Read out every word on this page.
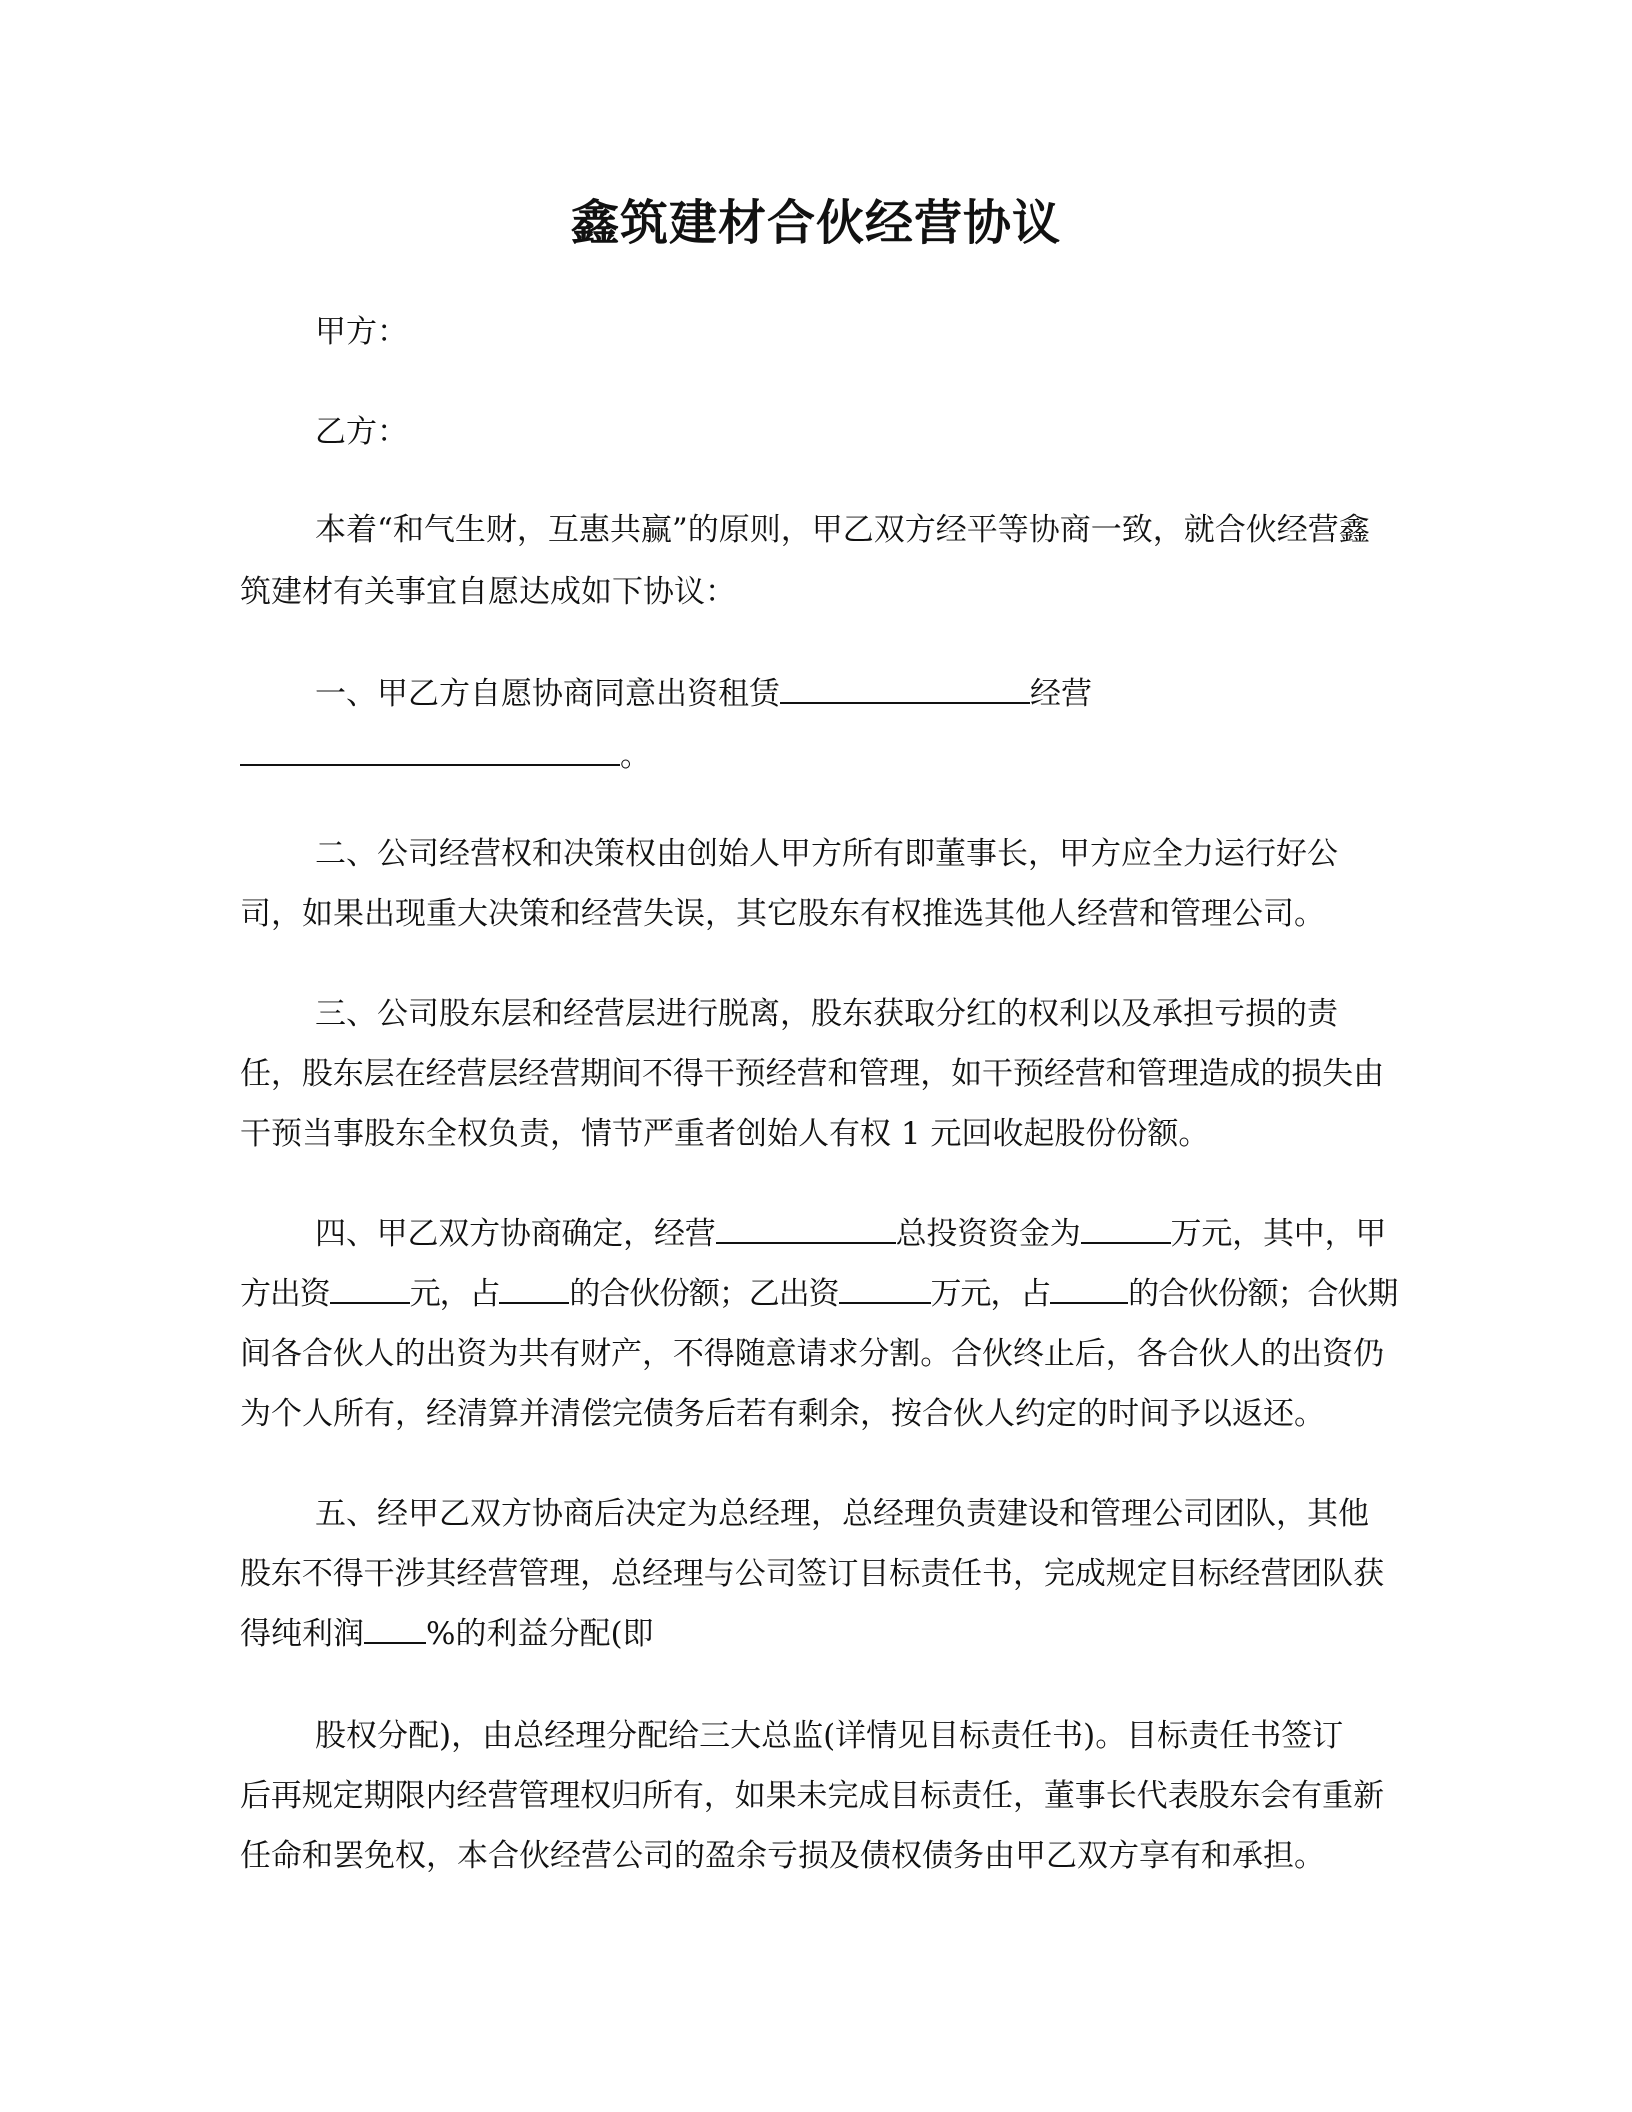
鑫筑建材合伙经营协议
甲方：
乙方：
本着“和气生财，互惠共赢”的原则，甲乙双方经平等协商一致，就合伙经营鑫
筑建材有关事宜自愿达成如下协议：
一、甲乙方自愿协商同意出资租赁	经营
。
二、公司经营权和决策权由创始人甲方所有即董事长，甲方应全力运行好公
司，如果出现重大决策和经营失误，其它股东有权推选其他人经营和管理公司。
三、公司股东层和经营层进行脱离，股东获取分红的权利以及承担亏损的责
任，股东层在经营层经营期间不得干预经营和管理，如干预经营和管理造成的损失由
干预当事股东全权负责，情节严重者创始人有权 1 元回收起股份份额。
四、甲乙双方协商确定，经营	总投资资金为	万元，其中，甲
方出资	元，占 的合伙份额；乙出资	万元，占	的合伙份额；合伙期
间各合伙人的出资为共有财产，不得随意请求分割。合伙终止后，各合伙人的出资仍
为个人所有，经清算并清偿完债务后若有剩余，按合伙人约定的时间予以返还。
五、经甲乙双方协商后决定为总经理，总经理负责建设和管理公司团队，其他
股东不得干涉其经营管理，总经理与公司签订目标责任书，完成规定目标经营团队获
得纯利润 %的利益分配(即
股权分配)，由总经理分配给三大总监(详情见目标责任书)。目标责任书签订
后再规定期限内经营管理权归所有，如果未完成目标责任，董事长代表股东会有重新
任命和罢免权，本合伙经营公司的盈余亏损及债权债务由甲乙双方享有和承担。
